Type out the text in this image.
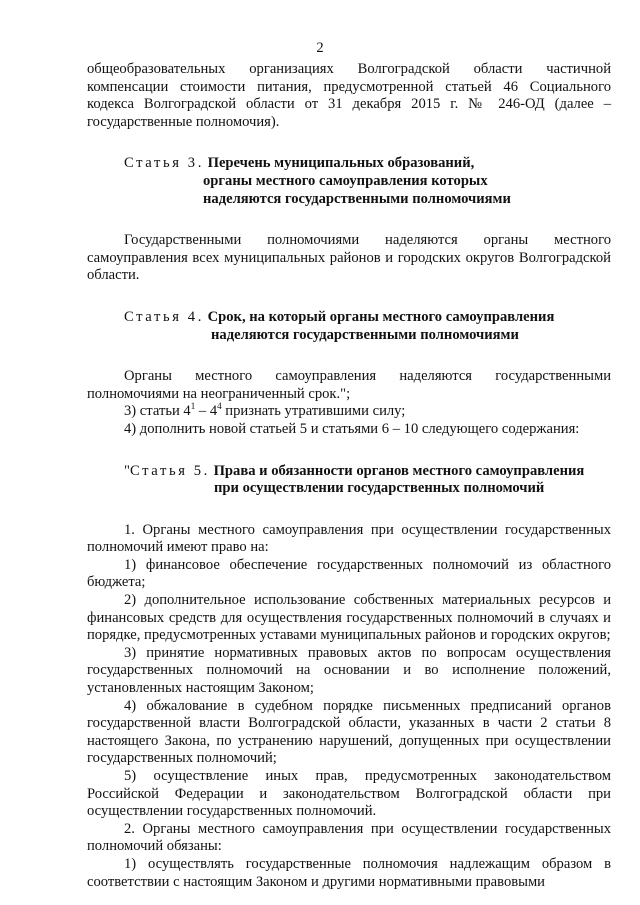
2

общеобразовательных организациях Волгоградской области частичной компенсации стоимости питания, предусмотренной статьей 46 Социального кодекса Волгоградской области от 31 декабря 2015 г. № 246-ОД (далее – государственные полномочия).

Статья 3. Перечень муниципальных образований,
органы местного самоуправления которых
наделяются государственными полномочиями

Государственными полномочиями наделяются органы местного самоуправления всех муниципальных районов и городских округов Волгоградской области.

Статья 4. Срок, на который органы местного самоуправления
наделяются государственными полномочиями

Органы местного самоуправления наделяются государственными полномочиями на неограниченный срок.";

3) статьи $4^1 - 4^4$ признать утратившими силу;

4) дополнить новой статьей 5 и статьями 6 – 10 следующего содержания:

"Статья 5. Права и обязанности органов местного самоуправления
при осуществлении государственных полномочий

1. Органы местного самоуправления при осуществлении государственных полномочий имеют право на:

1) финансовое обеспечение государственных полномочий из областного бюджета;

2) дополнительное использование собственных материальных ресурсов и финансовых средств для осуществления государственных полномочий в случаях и порядке, предусмотренных уставами муниципальных районов и городских округов;

3) принятие нормативных правовых актов по вопросам осуществления государственных полномочий на основании и во исполнение положений, установленных настоящим Законом;

4) обжалование в судебном порядке письменных предписаний органов государственной власти Волгоградской области, указанных в части 2 статьи 8 настоящего Закона, по устранению нарушений, допущенных при осуществлении государственных полномочий;

5) осуществление иных прав, предусмотренных законодательством Российской Федерации и законодательством Волгоградской области при осуществлении государственных полномочий.

2. Органы местного самоуправления при осуществлении государственных полномочий обязаны:

1) осуществлять государственные полномочия надлежащим образом в соответствии с настоящим Законом и другими нормативными правовыми
